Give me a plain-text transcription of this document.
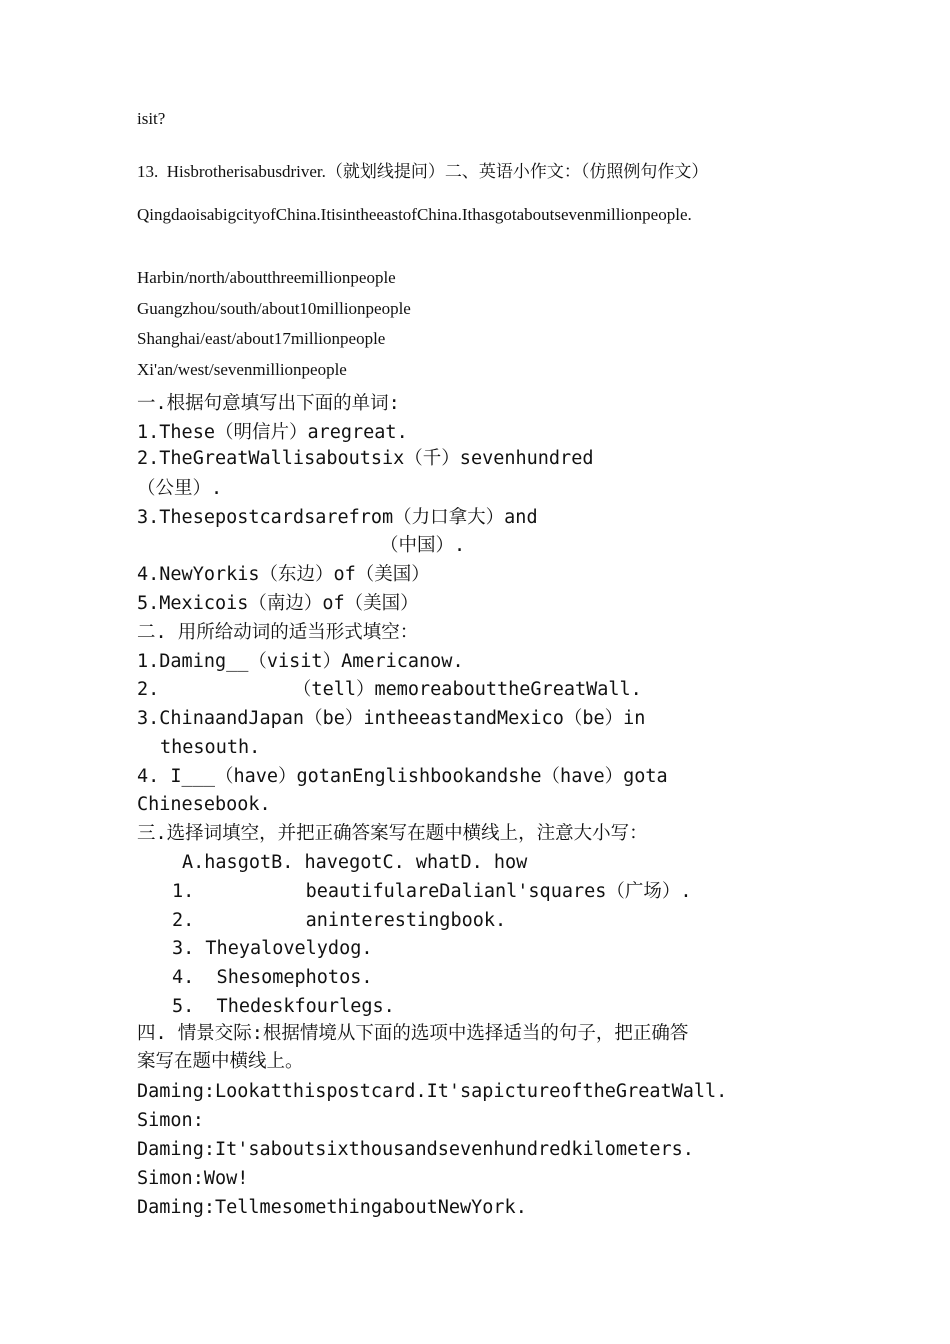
isit?
13.  Hisbrotherisabusdriver.（就划线提问）二、英语小作文：（仿照例句作文）
QingdaoisabigcityofChina.ItisintheeastofChina.Ithasgotaboutsevenmillionpeople.
Harbin/north/aboutthreemillionpeople
Guangzhou/south/about10millionpeople
Shanghai/east/about17millionpeople
Xi'an/west/sevenmillionpeople
一.根据句意填写出下面的单词:
1.These（明信片）aregreat.
2.TheGreatWallisaboutsix（千）sevenhundred
（公里）.
3.Thesepostcardsarefrom（力口拿大）and
（中国）.
4.NewYorkis（东边）of（美国）
5.Mexicois（南边）of（美国）
二. 用所给动词的适当形式填空：
1.Daming__（visit）Americanow.
2.            （tell）memoreabouttheGreatWall.
3.ChinaandJapan（be）intheeastandMexico（be）in
thesouth.
4. I___（have）gotanEnglishbookandshe（have）gota
Chinesebook.
三.选择词填空，并把正确答案写在题中横线上，注意大小写：
A.hasgotB. havegotC. whatD. how
1.          beautifulareDalianl'squares（广场）.
2.          aninterestingbook.
3. Theyalovelydog.
4.  Shesomephotos.
5.  Thedeskfourlegs.
四. 情景交际:根据情境从下面的选项中选择适当的句子，把正确答
案写在题中横线上。
Daming:Lookatthispostcard.It'sapictureoftheGreatWall.
Simon:
Daming:It'saboutsixthousandsevenhundredkilometers.
Simon:Wow!
Daming:TellmesomethingaboutNewYork.
